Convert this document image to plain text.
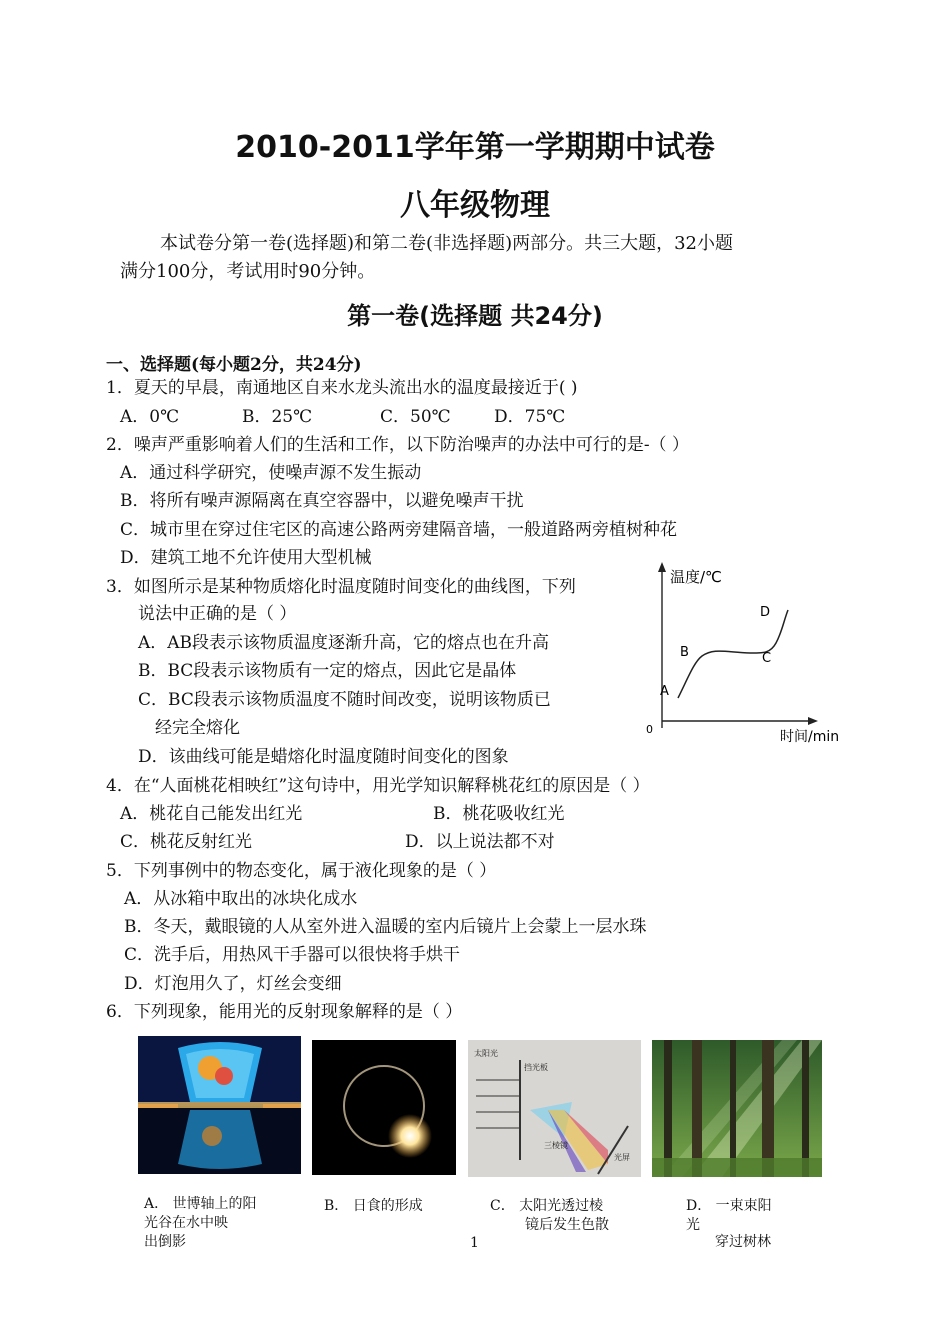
2010-2011学年第一学期期中试卷
八年级物理
本试卷分第一卷(选择题)和第二卷(非选择题)两部分。共三大题，32小题
满分100分，考试用时90分钟。
第一卷(选择题 共24分)
一、选择题(每小题2分，共24分)
1．夏天的早晨，南通地区自来水龙头流出水的温度最接近于( )
A．0℃	B．25℃	C．50℃	D．75℃
2．噪声严重影响着人们的生活和工作，以下防治噪声的办法中可行的是-（ ）
A．通过科学研究，使噪声源不发生振动
B．将所有噪声源隔离在真空容器中，以避免噪声干扰
C．城市里在穿过住宅区的高速公路两旁建隔音墙，一般道路两旁植树种花
D．建筑工地不允许使用大型机械
3．如图所示是某种物质熔化时温度随时间变化的曲线图，下列
说法中正确的是（ ）
A．AB段表示该物质温度逐渐升高，它的熔点也在升高
B．BC段表示该物质有一定的熔点，因此它是晶体
C．BC段表示该物质温度不随时间改变，说明该物质已
经完全熔化
D．该曲线可能是蜡熔化时温度随时间变化的图象
温度/℃
时间/min
0
A
B	C
D
4．在“人面桃花相映红”这句诗中，用光学知识解释桃花红的原因是（ ）
A．桃花自己能发出红光	B．桃花吸收红光
C．桃花反射红光	D．以上说法都不对
5．下列事例中的物态变化，属于液化现象的是（ ）
A．从冰箱中取出的冰块化成水
B．冬天，戴眼镜的人从室外进入温暖的室内后镜片上会蒙上一层水珠
C．洗手后，用热风干手器可以很快将手烘干
D．灯泡用久了，灯丝会变细
6．下列现象，能用光的反射现象解释的是（ ）
太阳光
挡光板
三棱镜
光屏
A． 世博轴上的阳
光谷在水中映
出倒影
B． 日食的形成	C． 太阳光透过棱
镜后发生色散
D． 一束束阳
光
穿过树林
1
